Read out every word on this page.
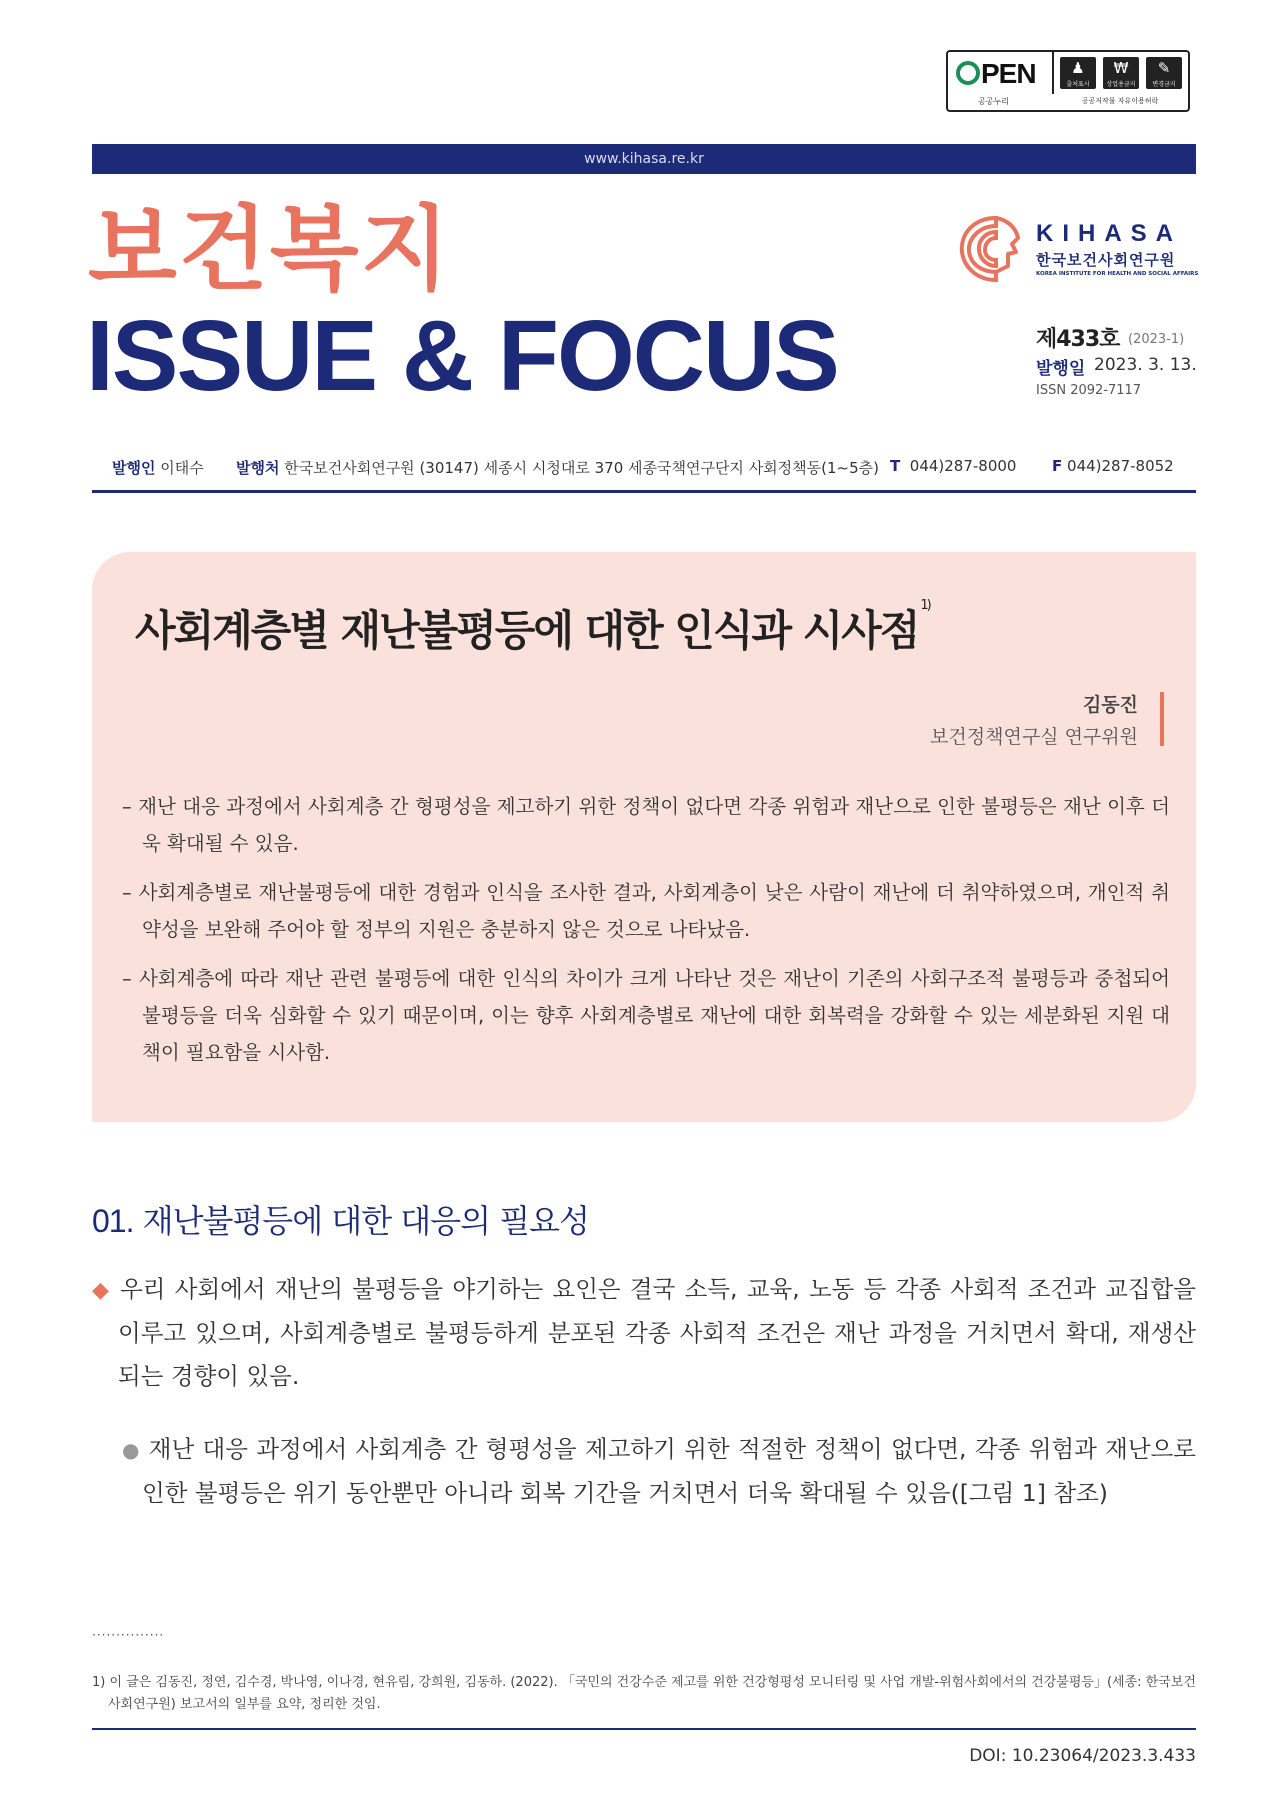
PEN
공공누리
♟
출처표시
₩
상업용금지
✎
변경금지
공공저작물 자유이용허락
www.kihasa.re.kr
보건복지
ISSUE & FOCUS
KIHASA
한국보건사회연구원
KOREA INSTITUTE FOR HEALTH AND SOCIAL AFFAIRS
제433호 (2023-1)
발행일 2023. 3. 13.
ISSN 2092-7117
발행인 이태수 발행처 한국보건사회연구원 (30147) 세종시 시청대로 370 세종국책연구단지 사회정책동(1~5층) T 044)287-8000 F 044)287-8052
사회계층별 재난불평등에 대한 인식과 시사점$^{1)}$
김동진
보건정책연구실 연구위원
– 재난 대응 과정에서 사회계층 간 형평성을 제고하기 위한 정책이 없다면 각종 위험과 재난으로 인한 불평등은 재난 이후 더욱 확대될 수 있음.
– 사회계층별로 재난불평등에 대한 경험과 인식을 조사한 결과, 사회계층이 낮은 사람이 재난에 더 취약하였으며, 개인적 취약성을 보완해 주어야 할 정부의 지원은 충분하지 않은 것으로 나타났음.
– 사회계층에 따라 재난 관련 불평등에 대한 인식의 차이가 크게 나타난 것은 재난이 기존의 사회구조적 불평등과 중첩되어 불평등을 더욱 심화할 수 있기 때문이며, 이는 향후 사회계층별로 재난에 대한 회복력을 강화할 수 있는 세분화된 지원 대책이 필요함을 시사함.
01. 재난불평등에 대한 대응의 필요성
◆ 우리 사회에서 재난의 불평등을 야기하는 요인은 결국 소득, 교육, 노동 등 각종 사회적 조건과 교집합을 이루고 있으며, 사회계층별로 불평등하게 분포된 각종 사회적 조건은 재난 과정을 거치면서 확대, 재생산되는 경향이 있음.
● 재난 대응 과정에서 사회계층 간 형평성을 제고하기 위한 적절한 정책이 없다면, 각종 위험과 재난으로 인한 불평등은 위기 동안뿐만 아니라 회복 기간을 거치면서 더욱 확대될 수 있음([그림 1] 참조)
···············
1) 이 글은 김동진, 정연, 김수경, 박나영, 이나경, 현유림, 강희원, 김동하. (2022). 「국민의 건강수준 제고를 위한 건강형평성 모니터링 및 사업 개발-위험사회에서의 건강불평등」(세종: 한국보건사회연구원) 보고서의 일부를 요약, 정리한 것임.
DOI: 10.23064/2023.3.433
